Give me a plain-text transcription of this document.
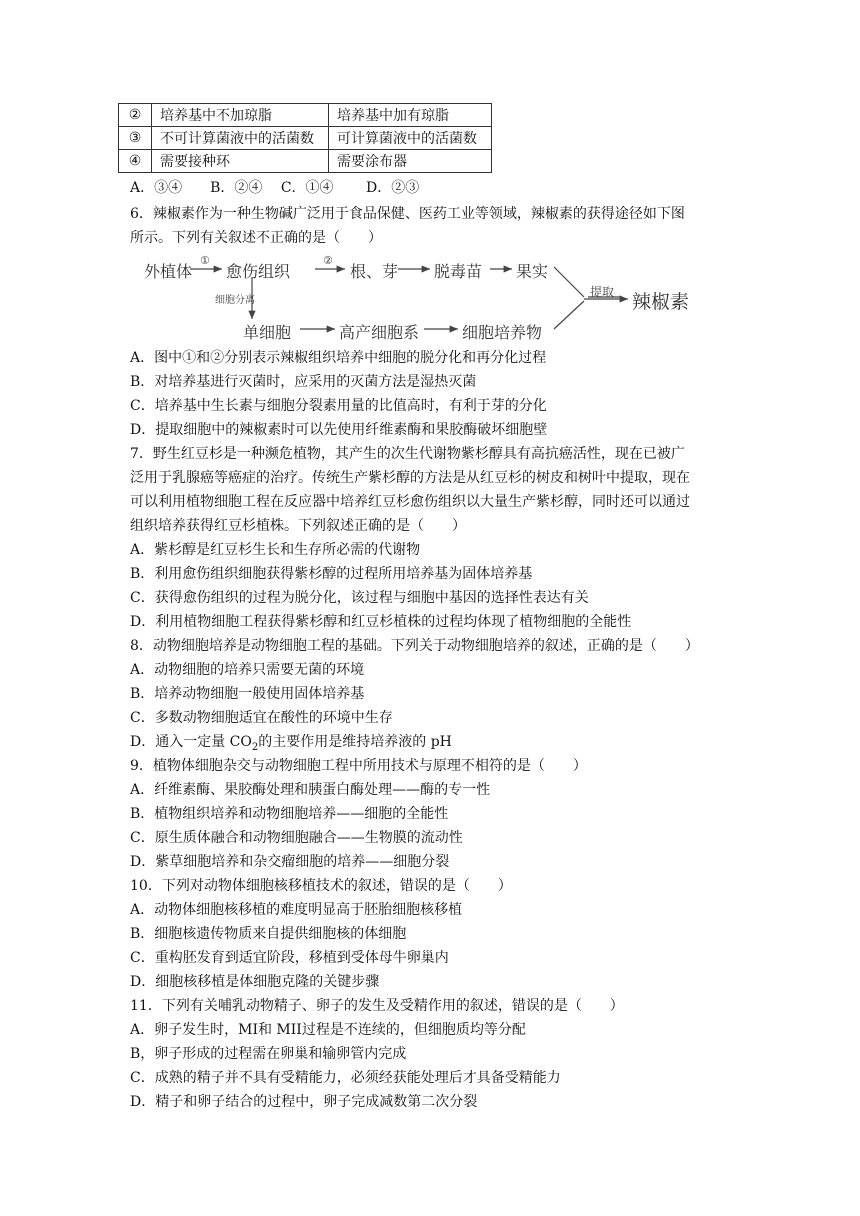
②	培养基中不加琼脂	培养基中加有琼脂
③	不可计算菌液中的活菌数	可计算菌液中的活菌数
④	需要接种环	需要涂布器
A．③④　　B．②④　 C．①④　　 D．②③
6．辣椒素作为一种生物碱广泛用于食品保健、医药工业等领域，辣椒素的获得途径如下图
所示。下列有关叙述不正确的是（　　）
外植体
①
愈伤组织
②
根、芽 脱毒苗 果实
细胞分离
单细胞	高产细胞系	细胞培养物
提取 辣椒素
A．图中①和②分别表示辣椒组织培养中细胞的脱分化和再分化过程
B．对培养基进行灭菌时，应采用的灭菌方法是湿热灭菌
C．培养基中生长素与细胞分裂素用量的比值高时，有利于芽的分化
D．提取细胞中的辣椒素时可以先使用纤维素酶和果胶酶破坏细胞壁
7．野生红豆杉是一种濒危植物，其产生的次生代谢物紫杉醇具有高抗癌活性，现在已被广
泛用于乳腺癌等癌症的治疗。传统生产紫杉醇的方法是从红豆杉的树皮和树叶中提取，现在
可以利用植物细胞工程在反应器中培养红豆杉愈伤组织以大量生产紫杉醇，同时还可以通过
组织培养获得红豆杉植株。下列叙述正确的是（　　）
A．紫杉醇是红豆杉生长和生存所必需的代谢物
B．利用愈伤组织细胞获得紫杉醇的过程所用培养基为固体培养基
C．获得愈伤组织的过程为脱分化，该过程与细胞中基因的选择性表达有关
D．利用植物细胞工程获得紫杉醇和红豆杉植株的过程均体现了植物细胞的全能性
8．动物细胞培养是动物细胞工程的基础。下列关于动物细胞培养的叙述，正确的是（　　）
A．动物细胞的培养只需要无菌的环境
B．培养动物细胞一般使用固体培养基
C．多数动物细胞适宜在酸性的环境中生存
D．通入一定量 $CO_2$的主要作用是维持培养液的 pH
9．植物体细胞杂交与动物细胞工程中所用技术与原理不相符的是（　　）
A．纤维素酶、果胶酶处理和胰蛋白酶处理——酶的专一性
B．植物组织培养和动物细胞培养——细胞的全能性
C．原生质体融合和动物细胞融合——生物膜的流动性
D．紫草细胞培养和杂交瘤细胞的培养——细胞分裂
10．下列对动物体细胞核移植技术的叙述，错误的是（　　）
A．动物体细胞核移植的难度明显高于胚胎细胞核移植
B．细胞核遗传物质来自提供细胞核的体细胞
C．重构胚发育到适宜阶段，移植到受体母牛卵巢内
D．细胞核移植是体细胞克隆的关键步骤
11．下列有关哺乳动物精子、卵子的发生及受精作用的叙述，错误的是（　　）
A．卵子发生时，MI和 MII过程是不连续的，但细胞质均等分配
B，卵子形成的过程需在卵巢和输卵管内完成
C．成熟的精子并不具有受精能力，必须经获能处理后才具备受精能力
D．精子和卵子结合的过程中，卵子完成减数第二次分裂
